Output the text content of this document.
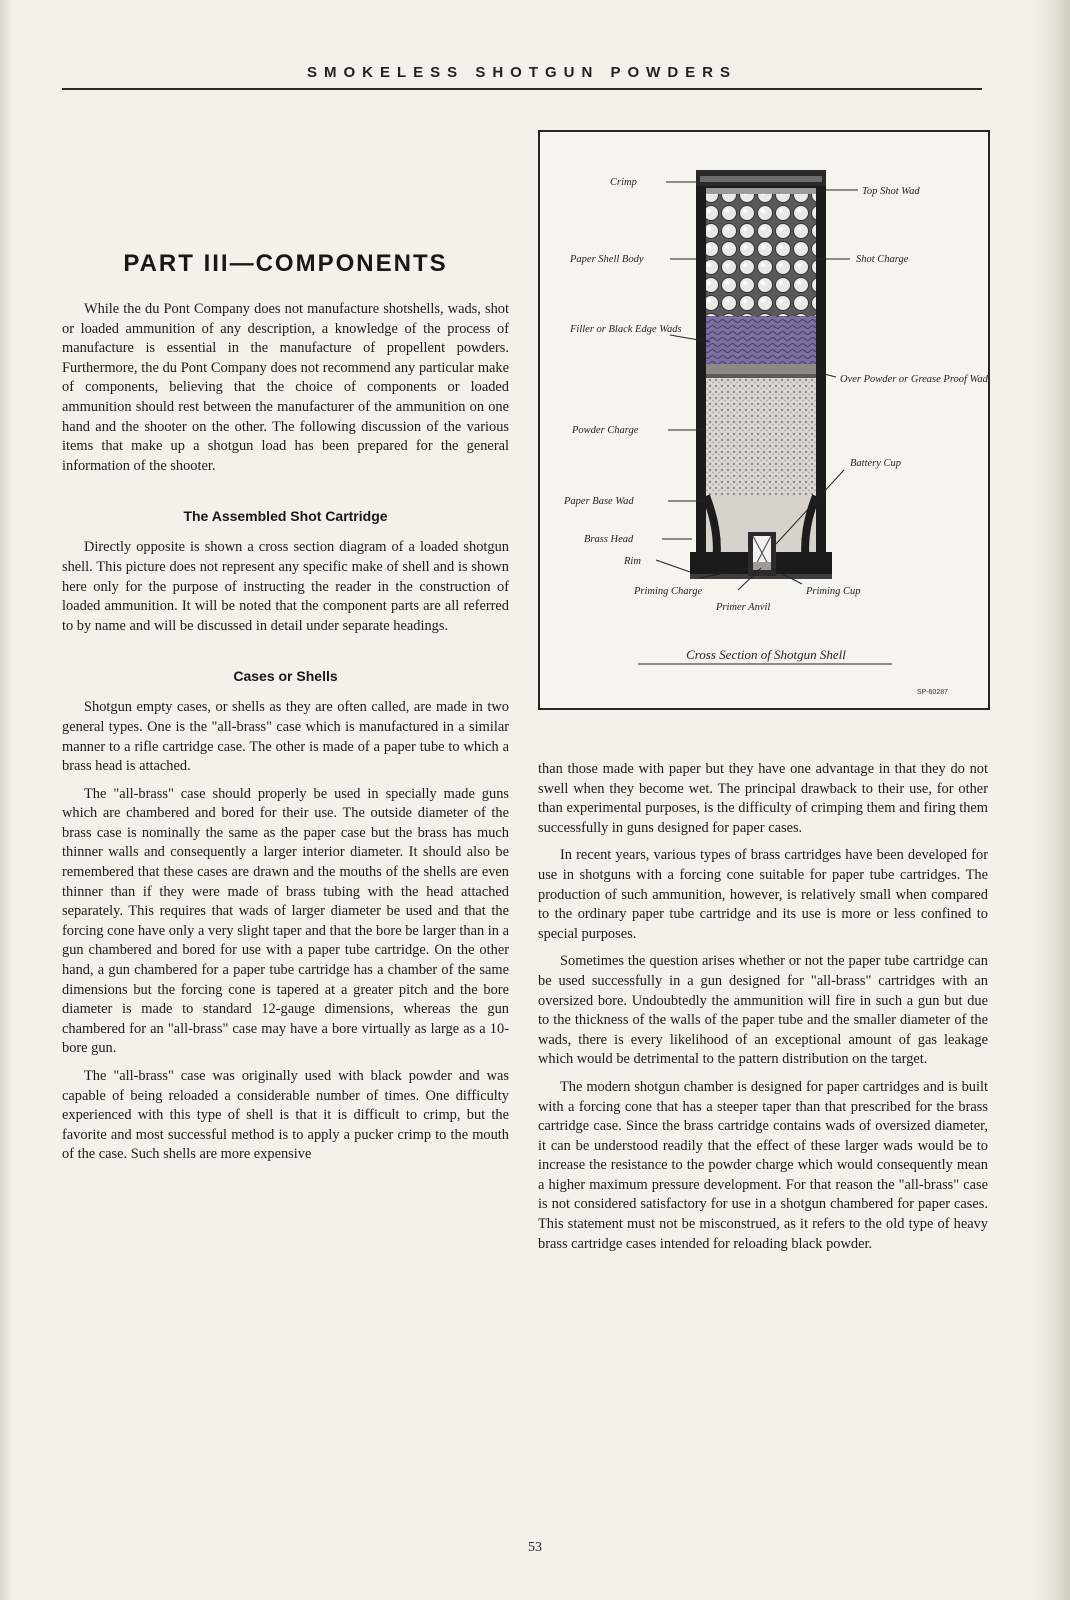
SMOKELESS SHOTGUN POWDERS
PART III—COMPONENTS

While the du Pont Company does not manufacture shotshells, wads, shot or loaded ammunition of any description, a knowledge of the process of manufacture is essential in the manufacture of propellent powders. Furthermore, the du Pont Company does not recommend any particular make of components, believing that the choice of components or loaded ammunition should rest between the manufacturer of the ammunition on one hand and the shooter on the other. The following discussion of the various items that make up a shotgun load has been prepared for the general information of the shooter.

The Assembled Shot Cartridge

Directly opposite is shown a cross section diagram of a loaded shotgun shell. This picture does not represent any specific make of shell and is shown here only for the purpose of instructing the reader in the construction of loaded ammunition. It will be noted that the component parts are all referred to by name and will be discussed in detail under separate headings.

Cases or Shells

Shotgun empty cases, or shells as they are often called, are made in two general types. One is the "all-brass" case which is manufactured in a similar manner to a rifle cartridge case. The other is made of a paper tube to which a brass head is attached.

The "all-brass" case should properly be used in specially made guns which are chambered and bored for their use. The outside diameter of the brass case is nominally the same as the paper case but the brass has much thinner walls and consequently a larger interior diameter. It should also be remembered that these cases are drawn and the mouths of the shells are even thinner than if they were made of brass tubing with the head attached separately. This requires that wads of larger diameter be used and that the forcing cone have only a very slight taper and that the bore be larger than in a gun chambered and bored for use with a paper tube cartridge. On the other hand, a gun chambered for a paper tube cartridge has a chamber of the same dimensions but the forcing cone is tapered at a greater pitch and the bore diameter is made to standard 12-gauge dimensions, whereas the gun chambered for an "all-brass" case may have a bore virtually as large as a 10-bore gun.

The "all-brass" case was originally used with black powder and was capable of being reloaded a considerable number of times. One difficulty experienced with this type of shell is that it is difficult to crimp, but the favorite and most successful method is to apply a pucker crimp to the mouth of the case. Such shells are more expensive

Crimp
Top Shot Wad
Paper Shell Body	Shot Charge
Filler or Black Edge Wads
Over Powder or Grease Proof Wad
Powder Charge
Battery Cup
Paper Base Wad
Brass Head
Rim
Priming Charge	Priming Cup
Primer Anvil
Cross Section of Shotgun Shell
SP-60287

than those made with paper but they have one advantage in that they do not swell when they become wet. The principal drawback to their use, for other than experimental purposes, is the difficulty of crimping them and firing them successfully in guns designed for paper cases.

In recent years, various types of brass cartridges have been developed for use in shotguns with a forcing cone suitable for paper tube cartridges. The production of such ammunition, however, is relatively small when compared to the ordinary paper tube cartridge and its use is more or less confined to special purposes.

Sometimes the question arises whether or not the paper tube cartridge can be used successfully in a gun designed for "all-brass" cartridges with an oversized bore. Undoubtedly the ammunition will fire in such a gun but due to the thickness of the walls of the paper tube and the smaller diameter of the wads, there is every likelihood of an exceptional amount of gas leakage which would be detrimental to the pattern distribution on the target.

The modern shotgun chamber is designed for paper cartridges and is built with a forcing cone that has a steeper taper than that prescribed for the brass cartridge case. Since the brass cartridge contains wads of oversized diameter, it can be understood readily that the effect of these larger wads would be to increase the resistance to the powder charge which would consequently mean a higher maximum pressure development. For that reason the "all-brass" case is not considered satisfactory for use in a shotgun chambered for paper cases. This statement must not be misconstrued, as it refers to the old type of heavy brass cartridge cases intended for reloading black powder.

53
